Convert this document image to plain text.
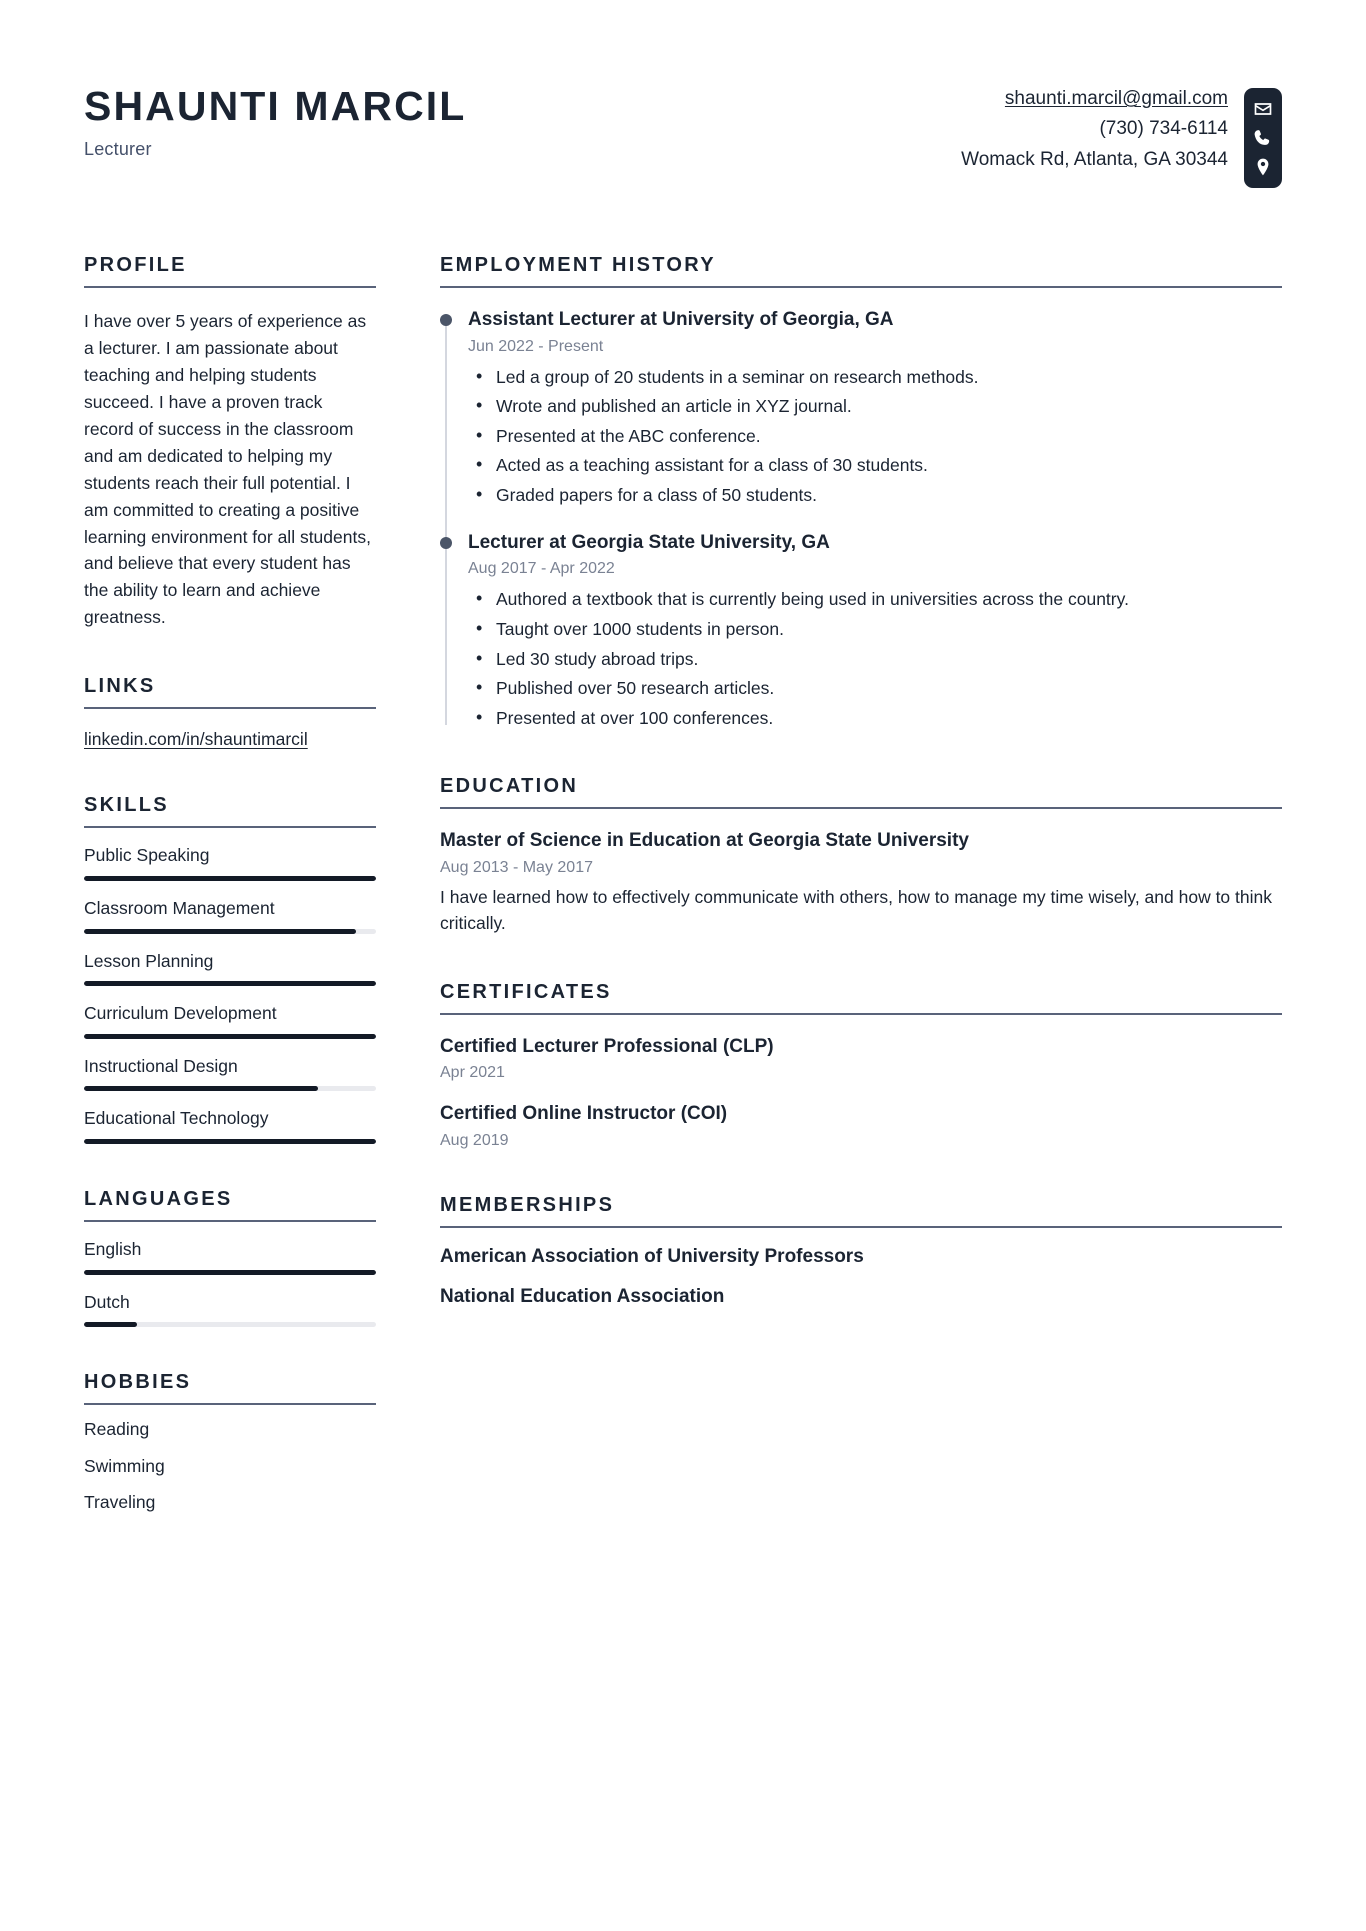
SHAUNTI MARCIL
Lecturer
shaunti.marcil@gmail.com
(730) 734-6114
Womack Rd, Atlanta, GA 30344
PROFILE
I have over 5 years of experience as a lecturer. I am passionate about teaching and helping students succeed. I have a proven track record of success in the classroom and am dedicated to helping my students reach their full potential. I am committed to creating a positive learning environment for all students, and believe that every student has the ability to learn and achieve greatness.
LINKS
linkedin.com/in/shauntimarcil
SKILLS
Public Speaking
Classroom Management
Lesson Planning
Curriculum Development
Instructional Design
Educational Technology
LANGUAGES
English
Dutch
HOBBIES
Reading
Swimming
Traveling
EMPLOYMENT HISTORY
Assistant Lecturer at University of Georgia, GA
Jun 2022 - Present
• Led a group of 20 students in a seminar on research methods.
• Wrote and published an article in XYZ journal.
• Presented at the ABC conference.
• Acted as a teaching assistant for a class of 30 students.
• Graded papers for a class of 50 students.
Lecturer at Georgia State University, GA
Aug 2017 - Apr 2022
• Authored a textbook that is currently being used in universities across the country.
• Taught over 1000 students in person.
• Led 30 study abroad trips.
• Published over 50 research articles.
• Presented at over 100 conferences.
EDUCATION
Master of Science in Education at Georgia State University
Aug 2013 - May 2017
I have learned how to effectively communicate with others, how to manage my time wisely, and how to think critically.
CERTIFICATES
Certified Lecturer Professional (CLP)
Apr 2021
Certified Online Instructor (COI)
Aug 2019
MEMBERSHIPS
American Association of University Professors
National Education Association
